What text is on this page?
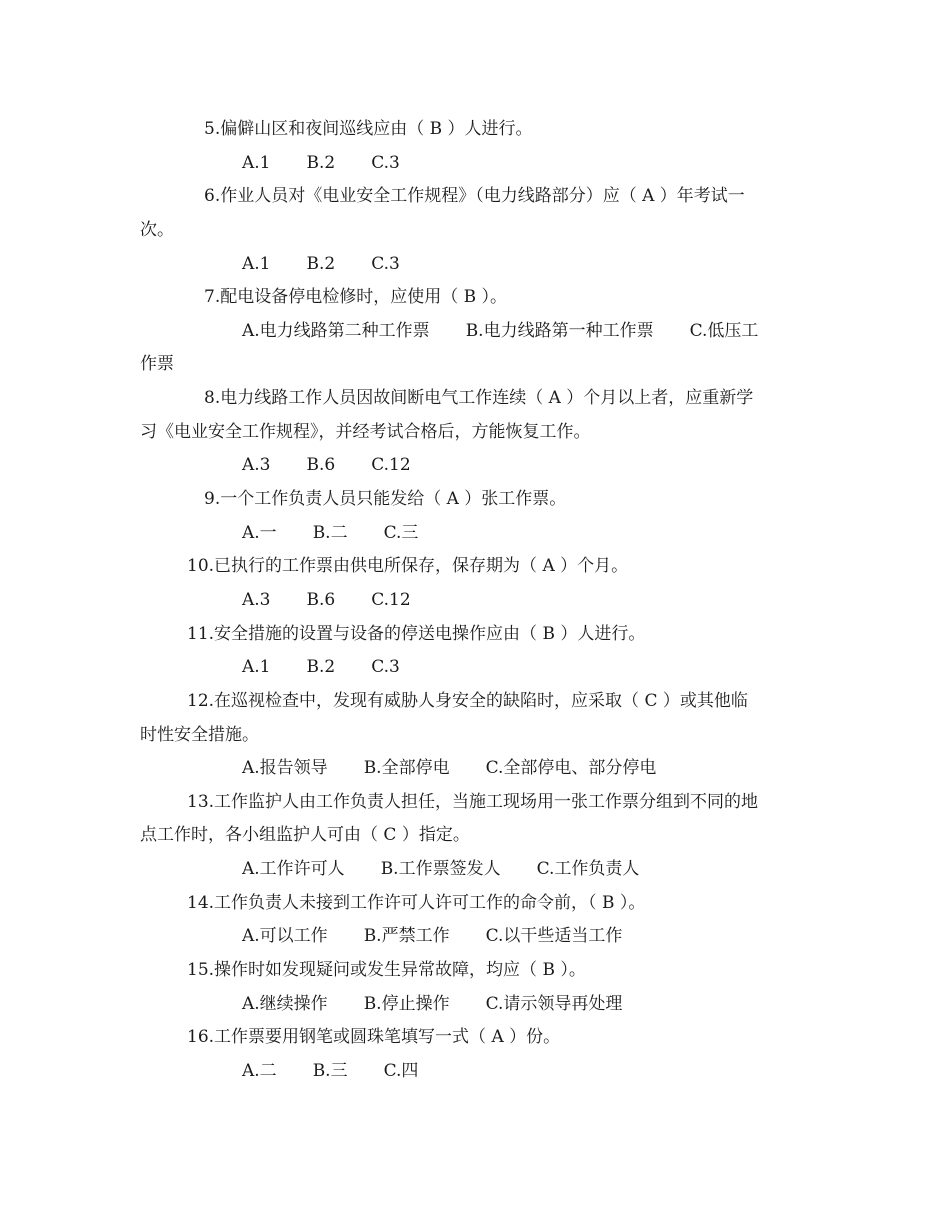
5.偏僻山区和夜间巡线应由（ B ）人进行。
A.1 B.2 C.3
6.作业人员对《电业安全工作规程》（电力线路部分）应（ A ）年考试一
次。
A.1 B.2 C.3
7.配电设备停电检修时，应使用（ B ）。
A.电力线路第二种工作票 B.电力线路第一种工作票 C.低压工
作票
8.电力线路工作人员因故间断电气工作连续（ A ）个月以上者，应重新学
习《电业安全工作规程》，并经考试合格后，方能恢复工作。
A.3 B.6 C.12
9.一个工作负责人员只能发给（ A ）张工作票。
A.一 B.二 C.三
10.已执行的工作票由供电所保存，保存期为（ A ）个月。
A.3 B.6 C.12
11.安全措施的设置与设备的停送电操作应由（ B ）人进行。
A.1 B.2 C.3
12.在巡视检查中，发现有威胁人身安全的缺陷时，应采取（ C ）或其他临
时性安全措施。
A.报告领导 B.全部停电 C.全部停电、部分停电
13.工作监护人由工作负责人担任，当施工现场用一张工作票分组到不同的地
点工作时，各小组监护人可由（ C ）指定。
A.工作许可人 B.工作票签发人 C.工作负责人
14.工作负责人未接到工作许可人许可工作的命令前，（ B ）。
A.可以工作 B.严禁工作 C.以干些适当工作
15.操作时如发现疑问或发生异常故障，均应（ B ）。
A.继续操作 B.停止操作 C.请示领导再处理
16.工作票要用钢笔或圆珠笔填写一式（ A ）份。
A.二 B.三 C.四
